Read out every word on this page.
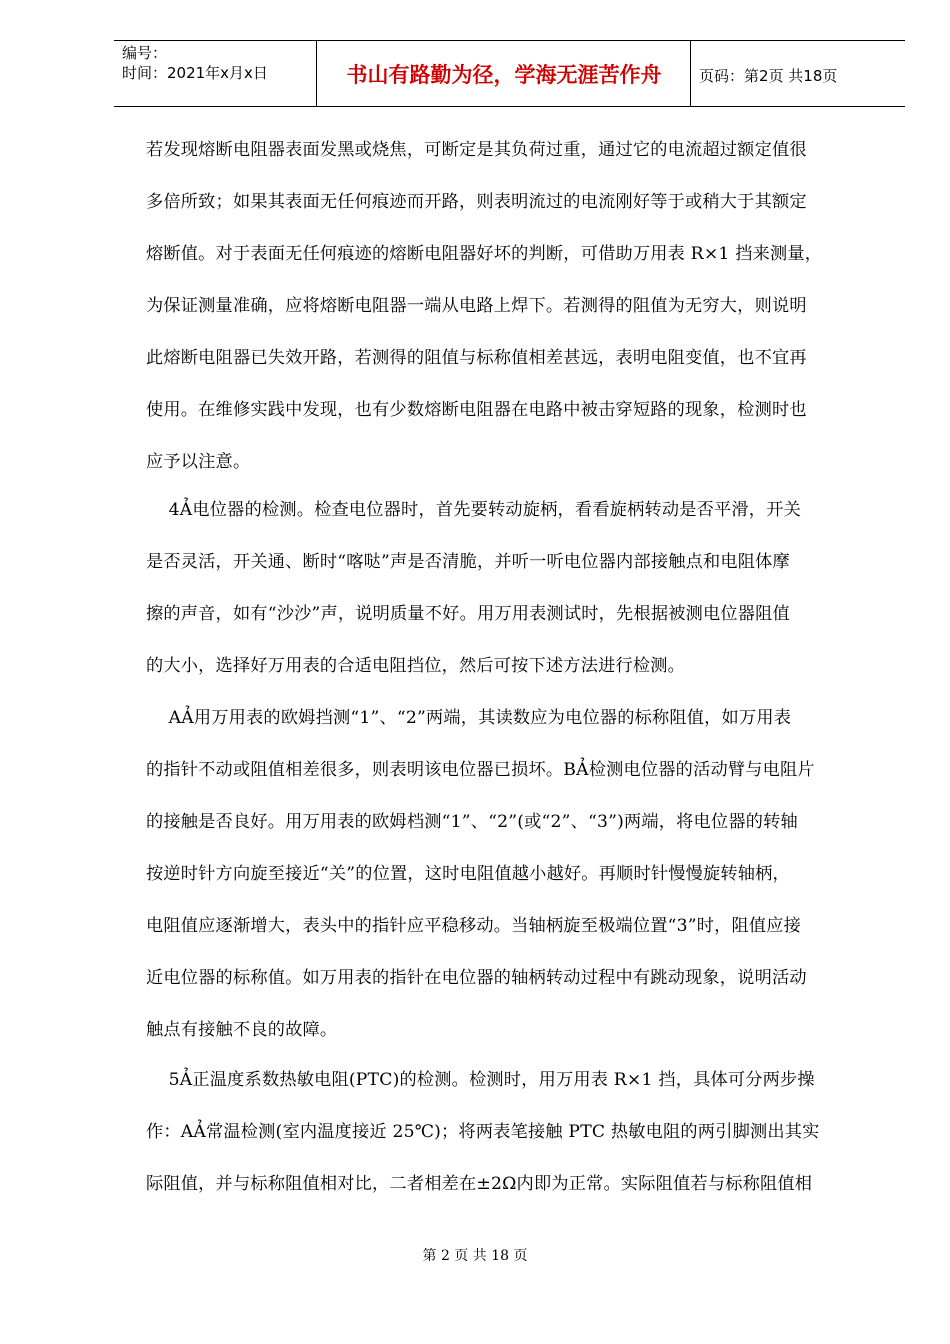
编号：
时间：2021年x月x日	书山有路勤为径，学海无涯苦作舟	页码：第2页 共18页
若发现熔断电阻器表面发黑或烧焦，可断定是其负荷过重，通过它的电流超过额定值很
多倍所致；如果其表面无任何痕迹而开路，则表明流过的电流刚好等于或稍大于其额定
熔断值。对于表面无任何痕迹的熔断电阻器好坏的判断，可借助万用表 R×1 挡来测量，
为保证测量准确，应将熔断电阻器一端从电路上焊下。若测得的阻值为无穷大，则说明
此熔断电阻器已失效开路，若测得的阻值与标称值相差甚远，表明电阻变值，也不宜再
使用。在维修实践中发现，也有少数熔断电阻器在电路中被击穿短路的现象，检测时也
应予以注意。
4Ả电位器的检测。检查电位器时，首先要转动旋柄，看看旋柄转动是否平滑，开关
是否灵活，开关通、断时“喀哒”声是否清脆，并听一听电位器内部接触点和电阻体摩
擦的声音，如有“沙沙”声，说明质量不好。用万用表测试时，先根据被测电位器阻值
的大小，选择好万用表的合适电阻挡位，然后可按下述方法进行检测。
AẢ用万用表的欧姆挡测“1”、“2”两端，其读数应为电位器的标称阻值，如万用表
的指针不动或阻值相差很多，则表明该电位器已损坏。BẢ检测电位器的活动臂与电阻片
的接触是否良好。用万用表的欧姆档测“1”、“2”(或“2”、“3”)两端，将电位器的转轴
按逆时针方向旋至接近“关”的位置，这时电阻值越小越好。再顺时针慢慢旋转轴柄，
电阻值应逐渐增大，表头中的指针应平稳移动。当轴柄旋至极端位置“3”时，阻值应接
近电位器的标称值。如万用表的指针在电位器的轴柄转动过程中有跳动现象，说明活动
触点有接触不良的故障。
5Ả正温度系数热敏电阻(PTC)的检测。检测时，用万用表 R×1 挡，具体可分两步操
作：AẢ常温检测(室内温度接近 25℃)；将两表笔接触 PTC 热敏电阻的两引脚测出其实
际阻值，并与标称阻值相对比，二者相差在±2Ω内即为正常。实际阻值若与标称阻值相
第 2 页 共 18 页
